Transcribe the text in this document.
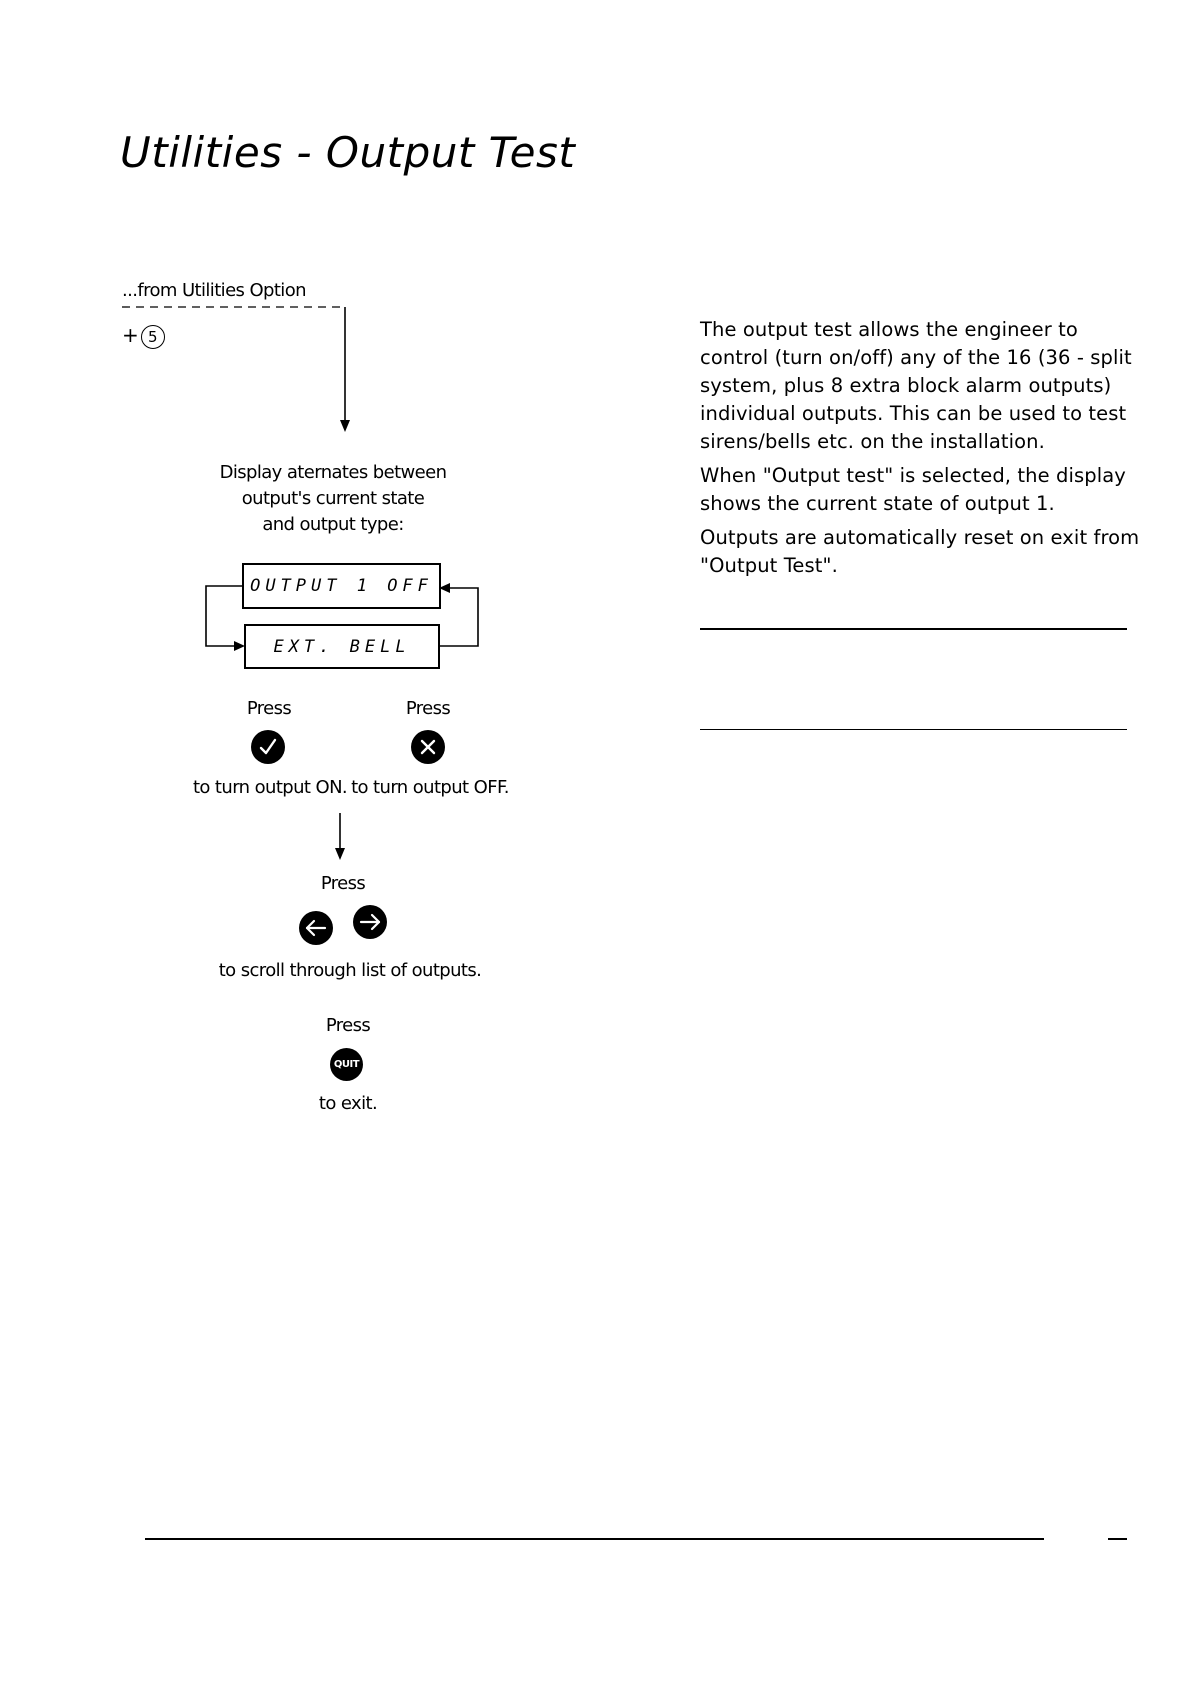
Utilities - Output Test
...from Utilities Option
+ 5
Display aternates between
output's current state
and output type:
OUTPUT 1 OFF
EXT. BELL
Press	Press
to turn output ON. to turn output OFF.
Press
to scroll through list of outputs.
Press
QUIT
to exit.

The output test allows the engineer to control (turn on/off) any of the 16 (36 - split system, plus 8 extra block alarm outputs) individual outputs. This can be used to test sirens/bells etc. on the installation.

When "Output test" is selected, the display shows the current state of output 1.

Outputs are automatically reset on exit from "Output Test".
